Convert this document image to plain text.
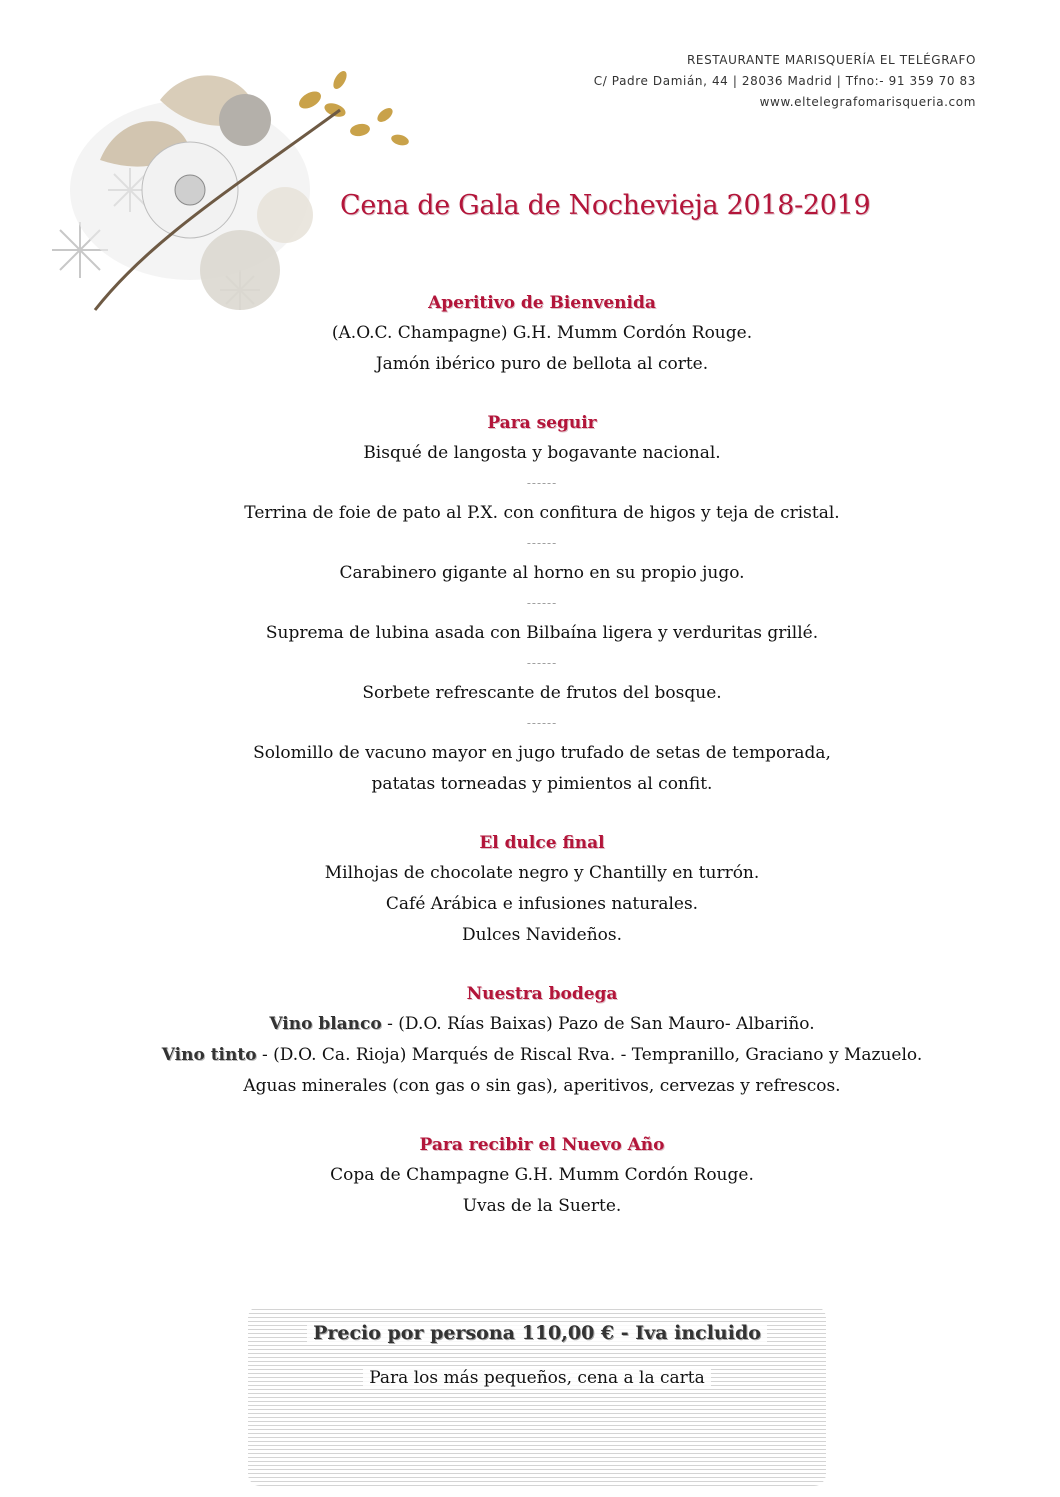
RESTAURANTE MARISQUERÍA EL TELÉGRAFO
C/ Padre Damián, 44 | 28036 Madrid | Tfno:- 91 359 70 83
www.eltelegrafomarisqueria.com
Cena de Gala de Nochevieja 2018-2019
Aperitivo de Bienvenida
(A.O.C. Champagne) G.H. Mumm Cordón Rouge.
Jamón ibérico puro de bellota al corte.
Para seguir
Bisqué de langosta y bogavante nacional.
------
Terrina de foie de pato al P.X. con confitura de higos y teja de cristal.
------
Carabinero gigante al horno en su propio jugo.
------
Suprema de lubina asada con Bilbaína ligera y verduritas grillé.
------
Sorbete refrescante de frutos del bosque.
------
Solomillo de vacuno mayor en jugo trufado de setas de temporada,
patatas torneadas y pimientos al confit.
El dulce final
Milhojas de chocolate negro y Chantilly en turrón.
Café Arábica e infusiones naturales.
Dulces Navideños.
Nuestra bodega
Vino blanco - (D.O. Rías Baixas) Pazo de San Mauro- Albariño.
Vino tinto - (D.O. Ca. Rioja) Marqués de Riscal Rva. - Tempranillo, Graciano y Mazuelo.
Aguas minerales (con gas o sin gas), aperitivos, cervezas y refrescos.
Para recibir el Nuevo Año
Copa de Champagne G.H. Mumm Cordón Rouge.
Uvas de la Suerte.
Precio por persona 110,00 € - Iva incluido
Para los más pequeños, cena a la carta
